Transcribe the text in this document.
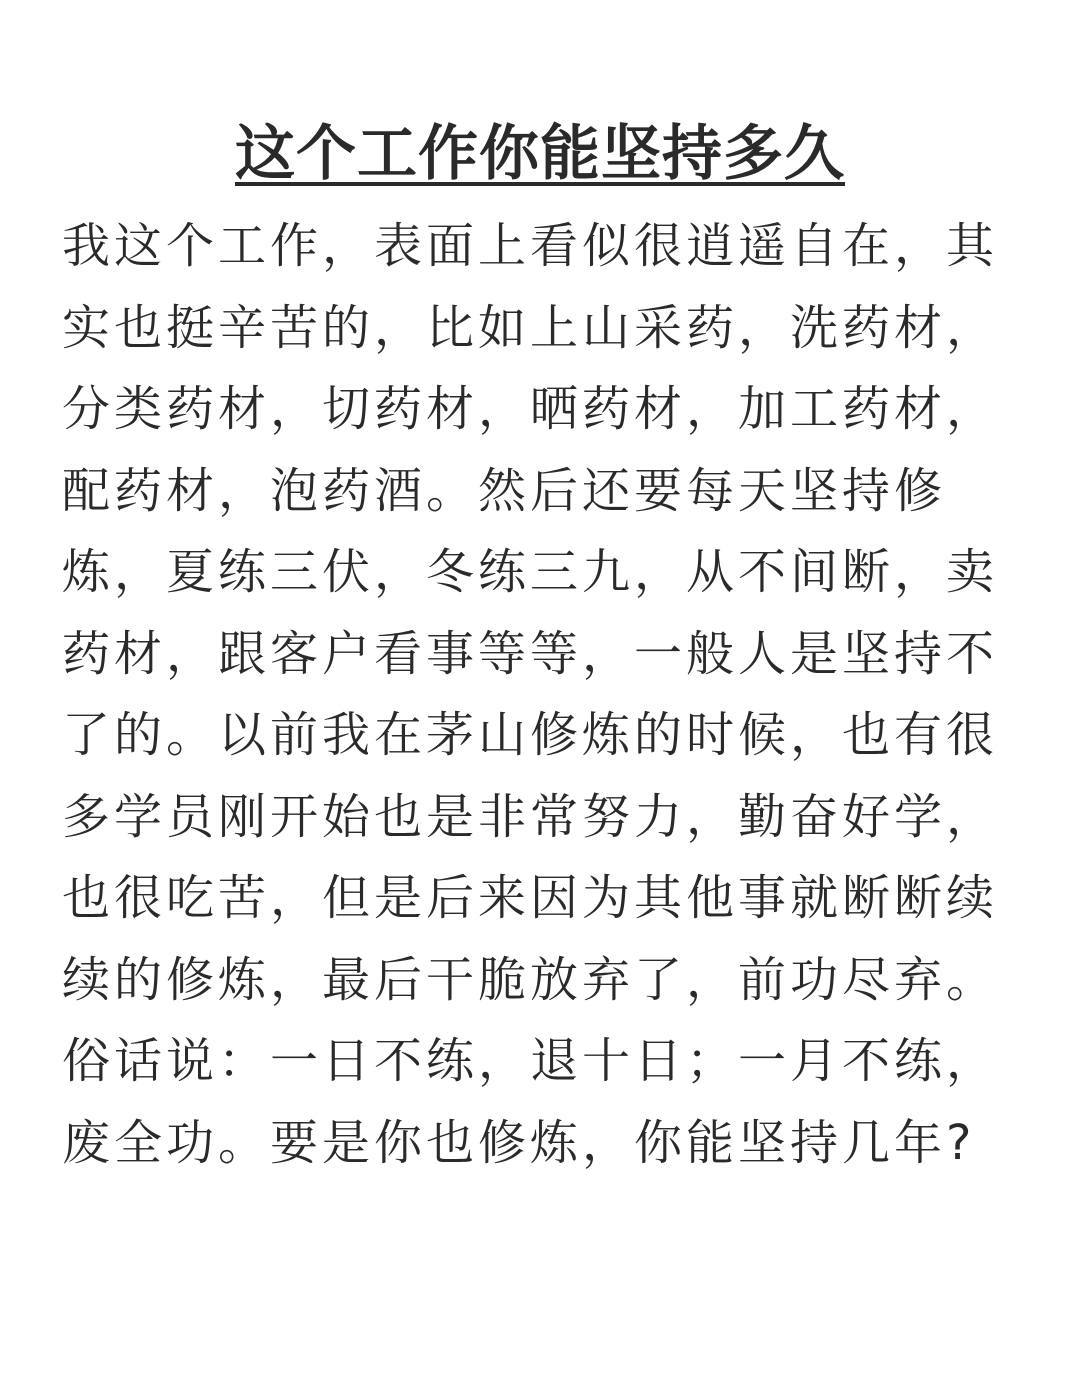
这个工作你能坚持多久
我这个工作，表面上看似很逍遥自在，其
实也挺辛苦的，比如上山采药，洗药材，
分类药材，切药材，晒药材，加工药材，
配药材，泡药酒。然后还要每天坚持修
炼，夏练三伏，冬练三九，从不间断，卖
药材，跟客户看事等等，一般人是坚持不
了的。以前我在茅山修炼的时候，也有很
多学员刚开始也是非常努力，勤奋好学，
也很吃苦，但是后来因为其他事就断断续
续的修炼，最后干脆放弃了，前功尽弃。
俗话说：一日不练，退十日；一月不练，
废全功。要是你也修炼，你能坚持几年?
